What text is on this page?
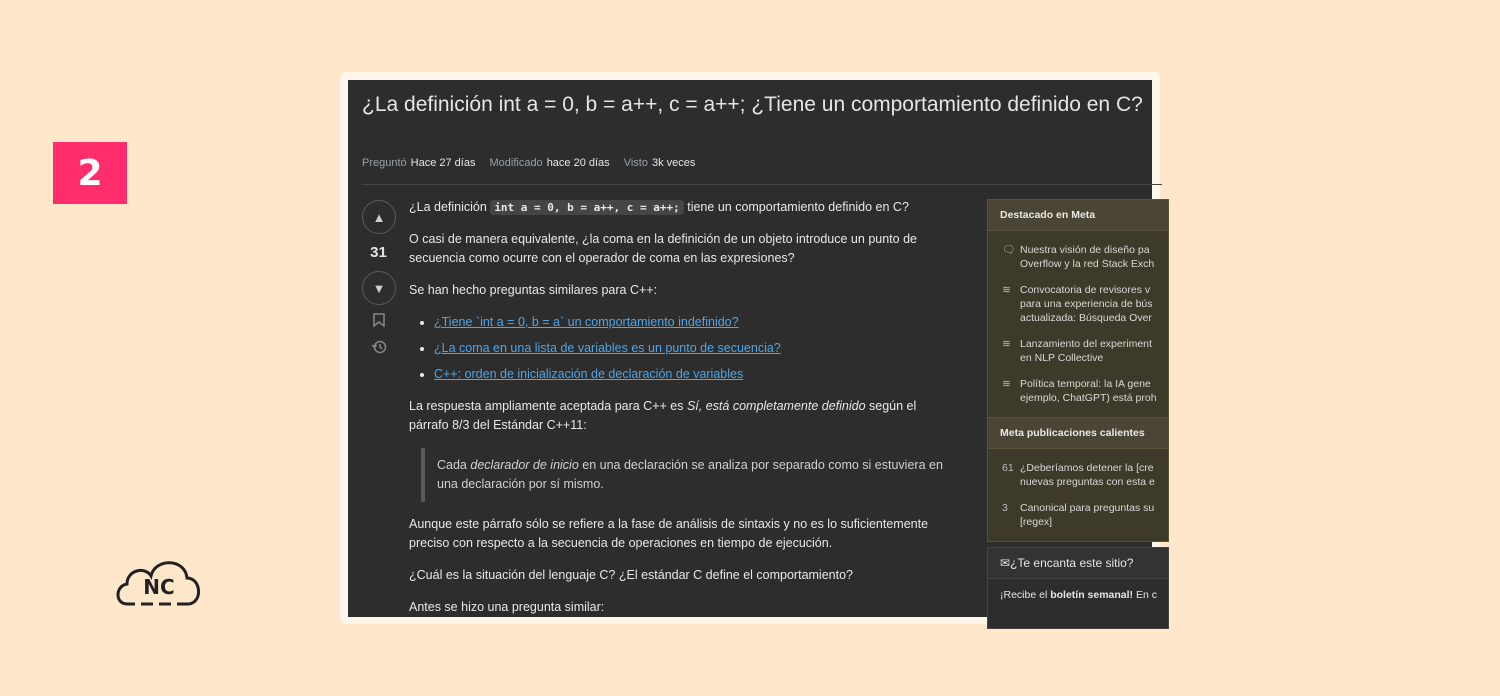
2
NC
¿La definición int a = 0, b = a++, c = a++; ¿Tiene un comportamiento definido en C?
Preguntó Hace 27 días Modificado hace 20 días Visto 3k veces
▲
31
▼

¿La definición int a = 0, b = a++, c = a++; tiene un comportamiento definido en C?

O casi de manera equivalente, ¿la coma en la definición de un objeto introduce un punto de secuencia como ocurre con el operador de coma en las expresiones?

Se han hecho preguntas similares para C++:

• ¿Tiene `int a = 0, b = a` un comportamiento indefinido?
• ¿La coma en una lista de variables es un punto de secuencia?
• C++: orden de inicialización de declaración de variables

La respuesta ampliamente aceptada para C++ es Sí, está completamente definido según el párrafo 8/3 del Estándar C++11:

Cada declarador de inicio en una declaración se analiza por separado como si estuviera en una declaración por sí mismo.

Aunque este párrafo sólo se refiere a la fase de análisis de sintaxis y no es lo suficientemente preciso con respecto a la secuencia de operaciones en tiempo de ejecución.

¿Cuál es la situación del lenguaje C? ¿El estándar C define el comportamiento?

Antes se hizo una pregunta similar:

Destacado en Meta
🗨 Nuestra visión de diseño pa
Overflow y la red Stack Exch
≋ Convocatoria de revisores v
para una experiencia de bús
actualizada: Búsqueda Over
≋ Lanzamiento del experiment
en NLP Collective
≋ Política temporal: la IA gene
ejemplo, ChatGPT) está proh
Meta publicaciones calientes
61 ¿Deberíamos detener la [cre
nuevas preguntas con esta e
3	Canonical para preguntas su
[regex]
✉¿Te encanta este sitio?
¡Recibe el boletín semanal! En c
